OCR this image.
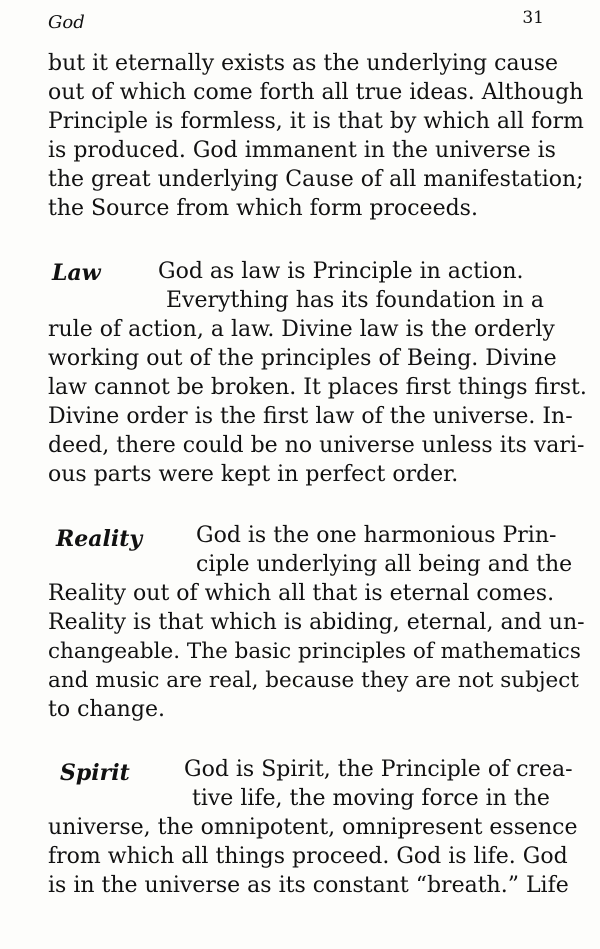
God	31
but it eternally exists as the underlying cause
out of which come forth all true ideas. Although
Principle is formless, it is that by which all form
is produced. God immanent in the universe is
the great underlying Cause of all manifestation;
the Source from which form proceeds.
Law	God as law is Principle in action.
Everything has its foundation in a
rule of action, a law. Divine law is the orderly
working out of the principles of Being. Divine
law cannot be broken. It places first things first.
Divine order is the first law of the universe. In-
deed, there could be no universe unless its vari-
ous parts were kept in perfect order.
Reality God is the one harmonious Prin-
ciple underlying all being and the
Reality out of which all that is eternal comes.
Reality is that which is abiding, eternal, and un-
changeable. The basic principles of mathematics
and music are real, because they are not subject
to change.
Spirit God is Spirit, the Principle of crea-
tive life, the moving force in the
universe, the omnipotent, omnipresent essence
from which all things proceed. God is life. God
is in the universe as its constant “breath.” Life
